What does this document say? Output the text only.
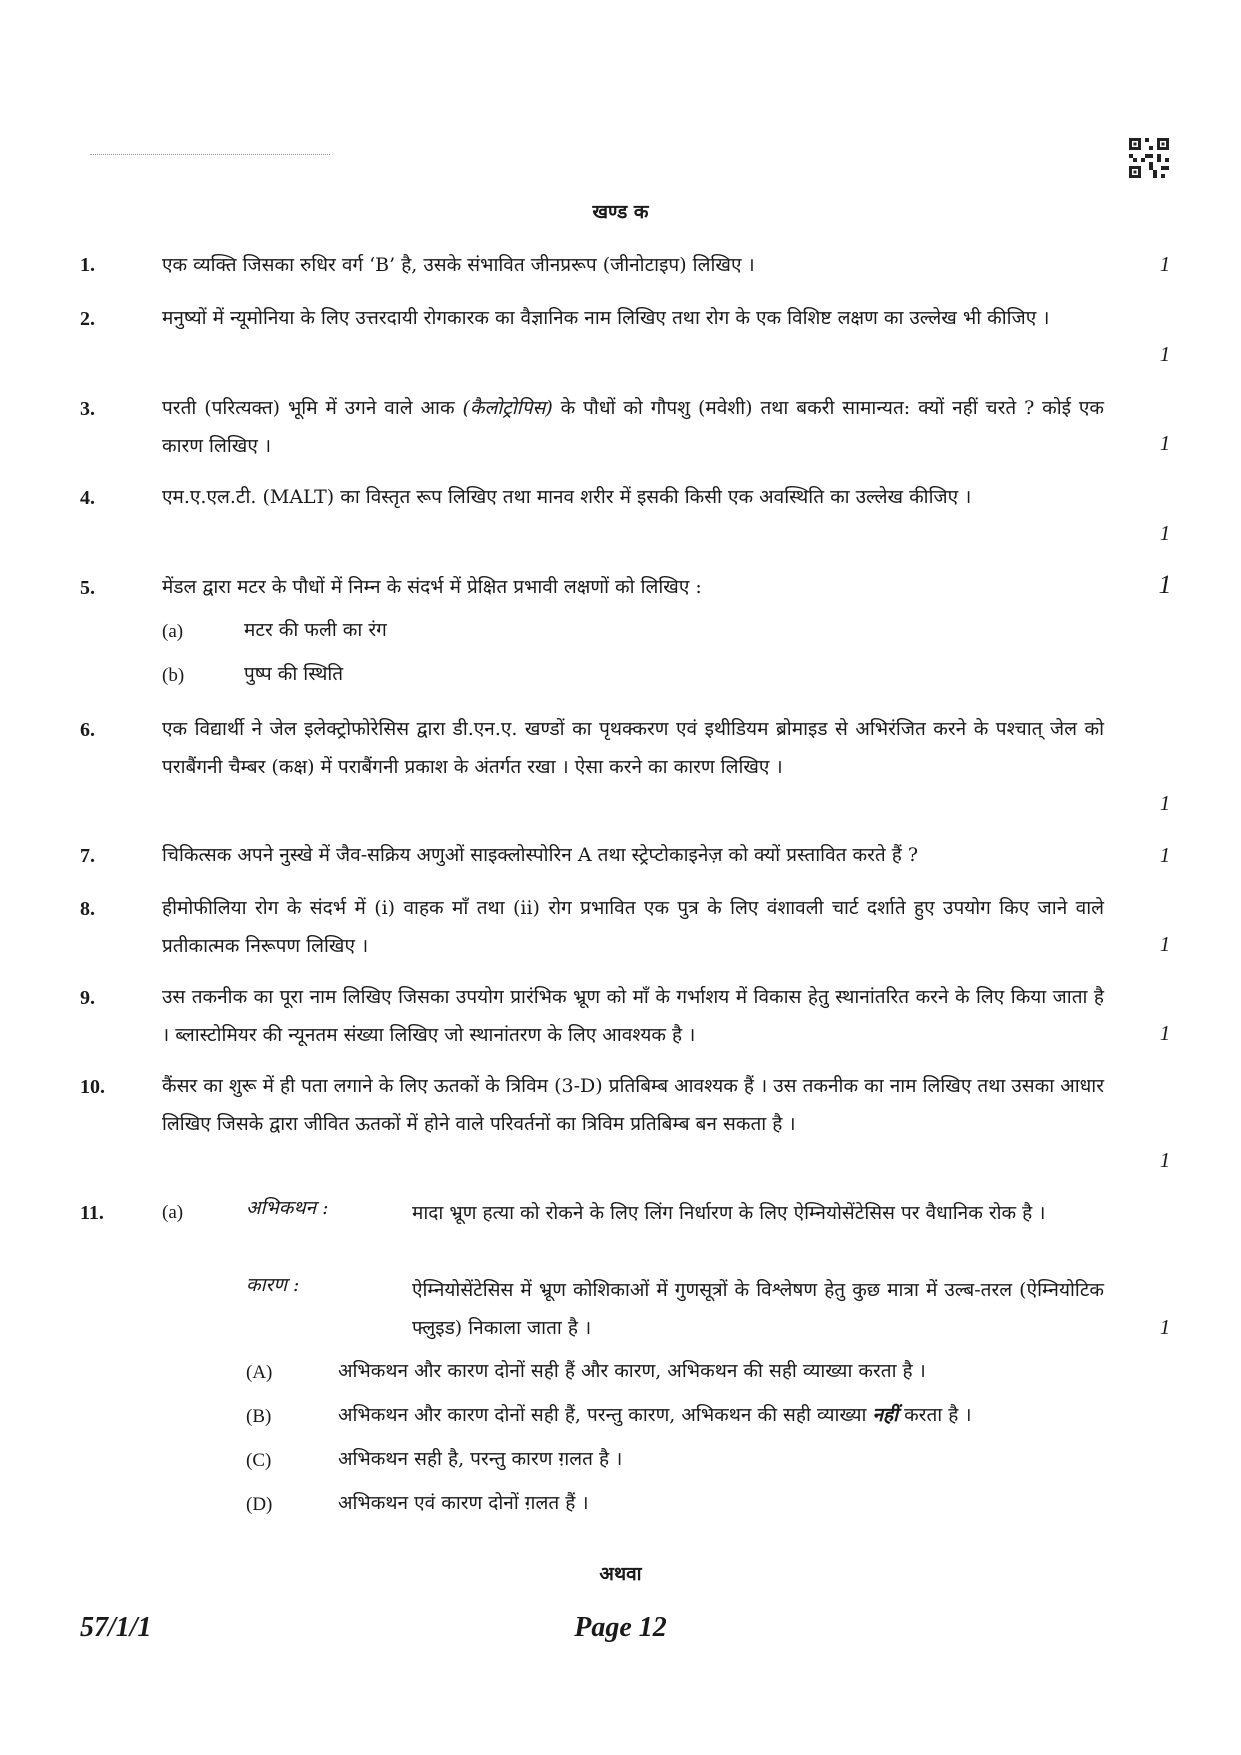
खण्ड क
1.	एक व्यक्ति जिसका रुधिर वर्ग ‘B’ है, उसके संभावित जीनप्ररूप (जीनोटाइप) लिखिए ।	1
2.	मनुष्यों में न्यूमोनिया के लिए उत्तरदायी रोगकारक का वैज्ञानिक नाम लिखिए तथा रोग के एक विशिष्ट लक्षण का उल्लेख भी कीजिए ।
1
3.	परती (परित्यक्त) भूमि में उगने वाले आक (कैलोट्रोपिस) के पौधों को गौपशु (मवेशी) तथा बकरी सामान्यत: क्यों नहीं चरते ? कोई एक कारण लिखिए ।	1
4.	एम.ए.एल.टी. (MALT) का विस्तृत रूप लिखिए तथा मानव शरीर में इसकी किसी एक अवस्थिति का उल्लेख कीजिए ।
1
5.	मेंडल द्वारा मटर के पौधों में निम्न के संदर्भ में प्रेक्षित प्रभावी लक्षणों को लिखिए :	1
(a)	मटर की फली का रंग
(b)	पुष्प की स्थिति
6.	एक विद्यार्थी ने जेल इलेक्ट्रोफोरेसिस द्वारा डी.एन.ए. खण्डों का पृथक्करण एवं इथीडियम ब्रोमाइड से अभिरंजित करने के पश्चात् जेल को पराबैंगनी चैम्बर (कक्ष) में पराबैंगनी प्रकाश के अंतर्गत रखा । ऐसा करने का कारण लिखिए ।
1
7.	चिकित्सक अपने नुस्खे में जैव-सक्रिय अणुओं साइक्लोस्पोरिन A तथा स्ट्रेप्टोकाइनेज़ को क्यों प्रस्तावित करते हैं ?	1
8.	हीमोफीलिया रोग के संदर्भ में (i) वाहक माँ तथा (ii) रोग प्रभावित एक पुत्र के लिए वंशावली चार्ट दर्शाते हुए उपयोग किए जाने वाले प्रतीकात्मक निरूपण लिखिए ।	1
9.	उस तकनीक का पूरा नाम लिखिए जिसका उपयोग प्रारंभिक भ्रूण को माँ के गर्भाशय में विकास हेतु स्थानांतरित करने के लिए किया जाता है । ब्लास्टोमियर की न्यूनतम संख्या लिखिए जो स्थानांतरण के लिए आवश्यक है ।	1
10.	कैंसर का शुरू में ही पता लगाने के लिए ऊतकों के त्रिविम (3-D) प्रतिबिम्ब आवश्यक हैं । उस तकनीक का नाम लिखिए तथा उसका आधार लिखिए जिसके द्वारा जीवित ऊतकों में होने वाले परिवर्तनों का त्रिविम प्रतिबिम्ब बन सकता है ।
1
11.	(a)	अभिकथन :	मादा भ्रूण हत्या को रोकने के लिए लिंग निर्धारण के लिए ऐम्नियोसेंटेसिस पर वैधानिक रोक है ।
कारण :	ऐम्नियोसेंटेसिस में भ्रूण कोशिकाओं में गुणसूत्रों के विश्लेषण हेतु कुछ मात्रा में उल्ब-तरल (ऐम्नियोटिक फ्लुइड) निकाला जाता है ।	1
(A)	अभिकथन और कारण दोनों सही हैं और कारण, अभिकथन की सही व्याख्या करता है ।
(B)	अभिकथन और कारण दोनों सही हैं, परन्तु कारण, अभिकथन की सही व्याख्या नहीं करता है ।
(C)	अभिकथन सही है, परन्तु कारण ग़लत है ।
(D)	अभिकथन एवं कारण दोनों ग़लत हैं ।
अथवा
57/1/1	Page 12
